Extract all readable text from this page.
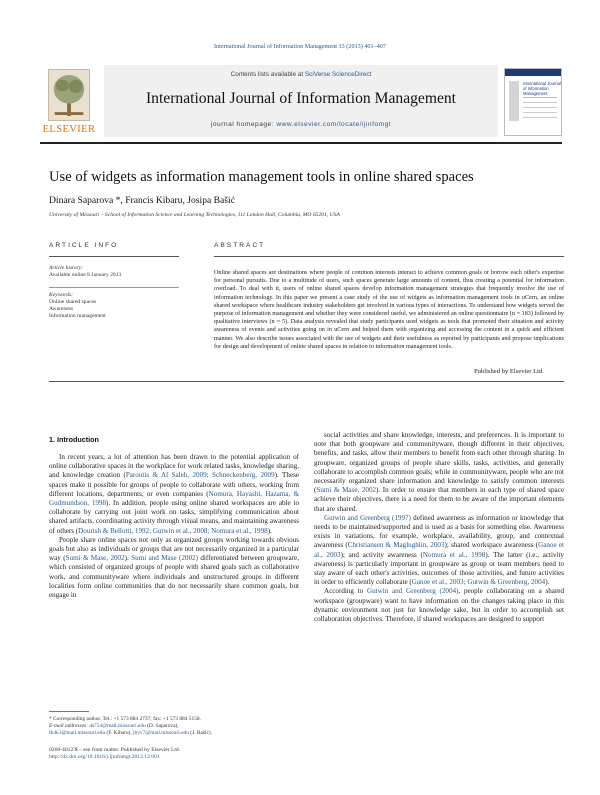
International Journal of Information Management 33 (2013) 401–407
ELSEVIER
Contents lists available at SciVerse ScienceDirect
International Journal of Information Management
journal homepage: www.elsevier.com/locate/ijinfomgt
International Journal of Information Management
Use of widgets as information management tools in online shared spaces
Dinara Saparova *, Francis Kibaru, Josipa Bašić
University of Missouri – School of Information Science and Learning Technologies, 111 London Hall, Columbia, MO 65201, USA
ARTICLE INFO	ABSTRACT
Article history:
Available online 8 January 2013
Keywords:
Online shared spaces
Awareness
Information management
Online shared spaces are destinations where people of common interests interact to achieve common goals or borrow each other's expertise for personal pursuits. Due to a multitude of users, such spaces generate large amounts of content, thus creating a potential for information overload. To deal with it, users of online shared spaces develop information management strategies that frequently involve the use of information technology. In this paper we present a case study of the use of widgets as information management tools in uCern, an online shared workspace where healthcare industry stakeholders get involved in various types of interactions. To understand how widgets served the purpose of information management and whether they were considered useful, we administered an online questionnaire (n = 183) followed by qualitative interviews (n = 5). Data analysis revealed that study participants used widgets as tools that promoted their situation and activity awareness of events and activities going on in uCern and helped them with organizing and accessing the content in a quick and efficient manner. We also describe issues associated with the use of widgets and their usefulness as reported by participants and propose implications for design and development of online shared spaces in relation to information management tools.
Published by Elsevier Ltd.
1. Introduction

In recent years, a lot of attention has been drawn to the potential application of online collaborative spaces in the workplace for work related tasks, knowledge sharing, and knowledge creation (Paroutis & Al Saleh, 2009; Schneckenberg, 2009). These spaces make it possible for groups of people to collaborate with others, working from different locations, departments, or even companies (Nomura, Hayashi, Hazama, & Gudmundson, 1998). In addition, people using online shared workspaces are able to collaborate by carrying out joint work on tasks, simplifying communication about shared artifacts, coordinating activity through visual means, and maintaining awareness of others (Dourish & Bellotti, 1992; Gutwin et al., 2008; Nomura et al., 1998).

People share online spaces not only as organized groups working towards obvious goals but also as individuals or groups that are not necessarily organized in a particular way (Sumi & Mase, 2002). Sumi and Mase (2002) differentiated between groupware, which consisted of organized groups of people with shared goals such as collaborative work, and communityware where individuals and unstructured groups in different localities form online communities that do not necessarily share common goals, but engage in

social activities and share knowledge, interests, and preferences. It is important to note that both groupware and communityware, though different in their objectives, benefits, and tasks, allow their members to benefit from each other through sharing. In groupware, organized groups of people share skills, tasks, activities, and generally collaborate to accomplish common goals; while in communityware, people who are not necessarily organized share information and knowledge to satisfy common interests (Sumi & Mase, 2002). In order to ensure that members in each type of shared space achieve their objectives, there is a need for them to be aware of the important elements that are shared.

Gutwin and Greenberg (1997) defined awareness as information or knowledge that needs to be maintained/supported and is used as a basis for something else. Awareness exists in variations, for example, workplace, availability, group, and contextual awareness (Christiansen & Maglughlin, 2003); shared workspace awareness (Ganoe et al., 2003); and activity awareness (Nomura et al., 1998). The latter (i.e., activity awareness) is particularly important in groupware as group or team members need to stay aware of each other's activities, outcomes of those activities, and future activities in order to efficiently collaborate (Ganoe et al., 2003; Gutwin & Greenberg, 2004).

According to Gutwin and Greenberg (2004), people collaborating on a shared workspace (groupware) want to have information on the changes taking place in this dynamic environment not just for knowledge sake, but in order to accomplish set collaboration objectives. Therefore, if shared workspaces are designed to support

* Corresponding author. Tel.: +1 573 884 2737; fax: +1 573 884 5158.
E-mail addresses: ds754@mail.missouri.edu (D. Saparova),
fk4k3@mail.missouri.edu (F. Kibaru), jbyv7@mail.missouri.edu (J. Bašić).
0268-4012/$ – see front matter. Published by Elsevier Ltd.
http://dx.doi.org/10.1016/j.ijinfomgt.2012.12.001
